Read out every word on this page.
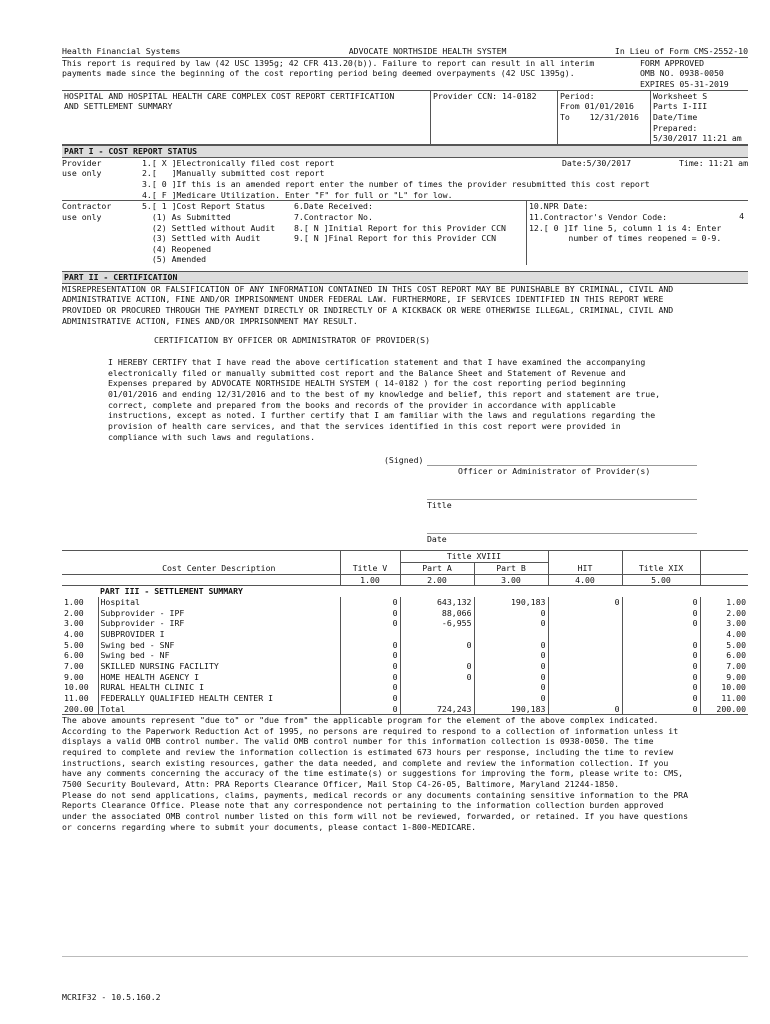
Health Financial Systems	ADVOCATE NORTHSIDE HEALTH SYSTEM	In Lieu of Form CMS-2552-10
This report is required by law (42 USC 1395g; 42 CFR 413.20(b)). Failure to report can result in all interim
payments made since the beginning of the cost reporting period being deemed overpayments (42 USC 1395g).
FORM APPROVED
OMB NO. 0938-0050
EXPIRES 05-31-2019
HOSPITAL AND HOSPITAL HEALTH CARE COMPLEX COST REPORT CERTIFICATION
AND SETTLEMENT SUMMARY
Provider CCN: 14-0182	Period:
From 01/01/2016
To    12/31/2016
Worksheet S
Parts I-III
Date/Time Prepared:
5/30/2017 11:21 am
PART I - COST REPORT STATUS
Provider
use only
1.[ X ]Electronically filed cost report
2.[   ]Manually submitted cost report
3.[ 0 ]If this is an amended report enter the number of times the provider resubmitted this cost report
4.[ F ]Medicare Utilization. Enter "F" for full or "L" for low.
Date:5/30/2017	Time: 11:21 am
Contractor
use only
5.[ 1 ]Cost Report Status
(1) As Submitted
(2) Settled without Audit
(3) Settled with Audit
(4) Reopened
(5) Amended
6.Date Received:
7.Contractor No.
8.[ N ]Initial Report for this Provider CCN
9.[ N ]Final Report for this Provider CCN
10.NPR Date:
11.Contractor's Vendor Code:
12.[ 0 ]If line 5, column 1 is 4: Enter
number of times reopened = 0-9.
4
PART II - CERTIFICATION
MISREPRESENTATION OR FALSIFICATION OF ANY INFORMATION CONTAINED IN THIS COST REPORT MAY BE PUNISHABLE BY CRIMINAL, CIVIL AND
ADMINISTRATIVE ACTION, FINE AND/OR IMPRISONMENT UNDER FEDERAL LAW. FURTHERMORE, IF SERVICES IDENTIFIED IN THIS REPORT WERE
PROVIDED OR PROCURED THROUGH THE PAYMENT DIRECTLY OR INDIRECTLY OF A KICKBACK OR WERE OTHERWISE ILLEGAL, CRIMINAL, CIVIL AND
ADMINISTRATIVE ACTION, FINES AND/OR IMPRISONMENT MAY RESULT.
CERTIFICATION BY OFFICER OR ADMINISTRATOR OF PROVIDER(S)
I HEREBY CERTIFY that I have read the above certification statement and that I have examined the accompanying
electronically filed or manually submitted cost report and the Balance Sheet and Statement of Revenue and
Expenses prepared by ADVOCATE NORTHSIDE HEALTH SYSTEM ( 14-0182 ) for the cost reporting period beginning
01/01/2016 and ending 12/31/2016 and to the best of my knowledge and belief, this report and statement are true,
correct, complete and prepared from the books and records of the provider in accordance with applicable
instructions, except as noted. I further certify that I am familiar with the laws and regulations regarding the
provision of health care services, and that the services identified in this cost report were provided in
compliance with such laws and regulations.
(Signed)
Officer or Administrator of Provider(s)
Title
Date
			Title XVIII				
	Cost Center Description	Title V	Part A	Part B	HIT	Title XIX	
		1.00	2.00	3.00	4.00	5.00	
	PART III - SETTLEMENT SUMMARY						
1.00	Hospital	0	643,132	190,183	0	0	1.00
2.00	Subprovider - IPF	0	88,066	0		0	2.00
3.00	Subprovider - IRF	0	-6,955	0		0	3.00
4.00	SUBPROVIDER I						4.00
5.00	Swing bed - SNF	0	0	0		0	5.00
6.00	Swing bed - NF	0		0		0	6.00
7.00	SKILLED NURSING FACILITY	0	0	0		0	7.00
9.00	HOME HEALTH AGENCY I	0	0	0		0	9.00
10.00	RURAL HEALTH CLINIC I	0		0		0	10.00
11.00	FEDERALLY QUALIFIED HEALTH CENTER I	0		0		0	11.00
200.00	Total	0	724,243	190,183	0	0	200.00
The above amounts represent "due to" or "due from" the applicable program for the element of the above complex indicated.
According to the Paperwork Reduction Act of 1995, no persons are required to respond to a collection of information unless it
displays a valid OMB control number. The valid OMB control number for this information collection is 0938-0050. The time
required to complete and review the information collection is estimated 673 hours per response, including the time to review
instructions, search existing resources, gather the data needed, and complete and review the information collection. If you
have any comments concerning the accuracy of the time estimate(s) or suggestions for improving the form, please write to: CMS,
7500 Security Boulevard, Attn: PRA Reports Clearance Officer, Mail Stop C4-26-05, Baltimore, Maryland 21244-1850.
Please do not send applications, claims, payments, medical records or any documents containing sensitive information to the PRA
Reports Clearance Office. Please note that any correspondence not pertaining to the information collection burden approved
under the associated OMB control number listed on this form will not be reviewed, forwarded, or retained. If you have questions
or concerns regarding where to submit your documents, please contact 1-800-MEDICARE.
MCRIF32 - 10.5.160.2
